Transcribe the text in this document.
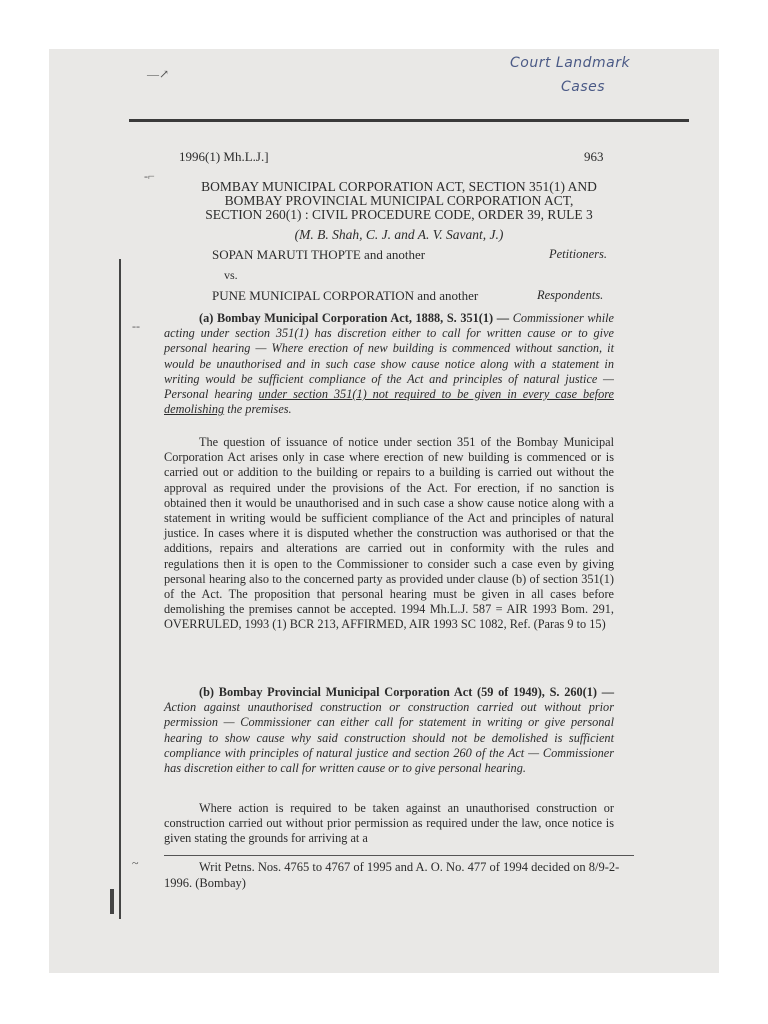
Court Landmark
Cases
—↗
-⌐
--
~
1996(1) Mh.L.J.]	963
BOMBAY MUNICIPAL CORPORATION ACT, SECTION 351(1) AND
BOMBAY PROVINCIAL MUNICIPAL CORPORATION ACT,
SECTION 260(1) : CIVIL PROCEDURE CODE, ORDER 39, RULE 3
(M. B. Shah, C. J. and A. V. Savant, J.)
SOPAN MARUTI THOPTE and another	Petitioners.
vs.
PUNE MUNICIPAL CORPORATION and another	Respondents.

(a) Bombay Municipal Corporation Act, 1888, S. 351(1) — Commissioner while acting under section 351(1) has discretion either to call for written cause or to give personal hearing — Where erection of new building is commenced without sanction, it would be unauthorised and in such case show cause notice along with a statement in writing would be sufficient compliance of the Act and principles of natural justice — Personal hearing under section 351(1) not required to be given in every case before demolishing the premises.

The question of issuance of notice under section 351 of the Bombay Municipal Corporation Act arises only in case where erection of new building is commenced or is carried out or addition to the building or repairs to a building is carried out without the approval as required under the provisions of the Act. For erection, if no sanction is obtained then it would be unauthorised and in such case a show cause notice along with a statement in writing would be sufficient compliance of the Act and principles of natural justice. In cases where it is disputed whether the construction was authorised or that the additions, repairs and alterations are carried out in conformity with the rules and regulations then it is open to the Commissioner to consider such a case even by giving personal hearing also to the concerned party as provided under clause (b) of section 351(1) of the Act. The proposition that personal hearing must be given in all cases before demolishing the premises cannot be accepted. 1994 Mh.L.J. 587 = AIR 1993 Bom. 291, OVERRULED, 1993 (1) BCR 213, AFFIRMED, AIR 1993 SC 1082, Ref. (Paras 9 to 15)

(b) Bombay Provincial Municipal Corporation Act (59 of 1949), S. 260(1) — Action against unauthorised construction or construction carried out without prior permission — Commissioner can either call for statement in writing or give personal hearing to show cause why said construction should not be demolished is sufficient compliance with principles of natural justice and section 260 of the Act — Commissioner has discretion either to call for written cause or to give personal hearing.

Where action is required to be taken against an unauthorised construction or construction carried out without prior permission as required under the law, once notice is given stating the grounds for arriving at a

Writ Petns. Nos. 4765 to 4767 of 1995 and A. O. No. 477 of 1994 decided on 8/9-2-1996. (Bombay)
